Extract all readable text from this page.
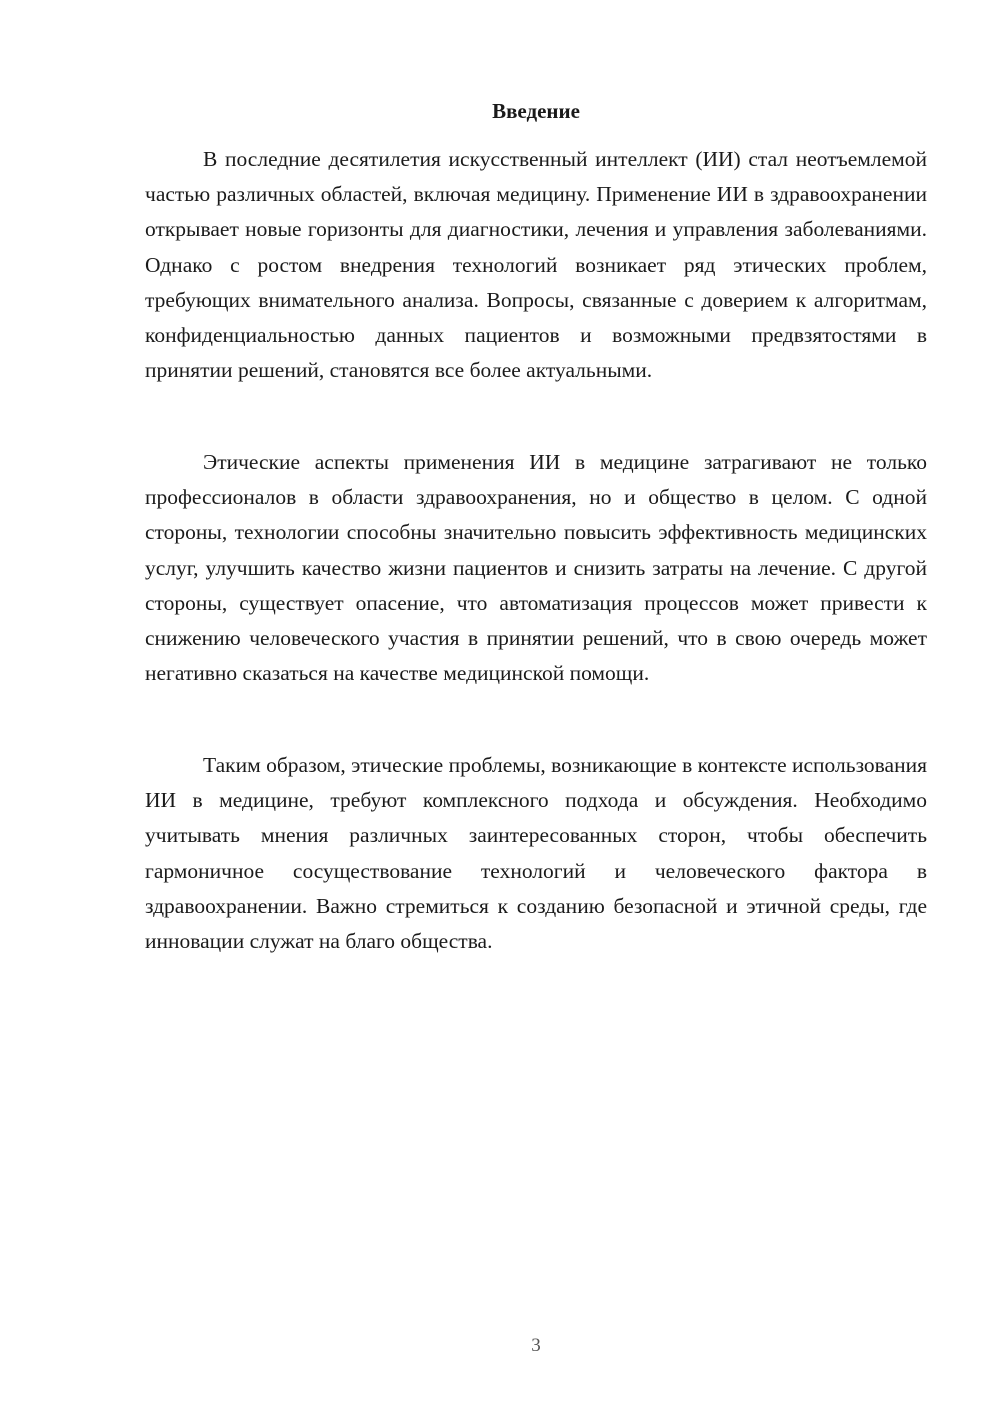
Введение

В последние десятилетия искусственный интеллект (ИИ) стал неотъемлемой частью различных областей, включая медицину. Применение ИИ в здравоохранении открывает новые горизонты для диагностики, лечения и управления заболеваниями. Однако с ростом внедрения технологий возникает ряд этических проблем, требующих внимательного анализа. Вопросы, связанные с доверием к алгоритмам, конфиденциальностью данных пациентов и возможными предвзятостями в принятии решений, становятся все более актуальными.

Этические аспекты применения ИИ в медицине затрагивают не только профессионалов в области здравоохранения, но и общество в целом. С одной стороны, технологии способны значительно повысить эффективность медицинских услуг, улучшить качество жизни пациентов и снизить затраты на лечение. С другой стороны, существует опасение, что автоматизация процессов может привести к снижению человеческого участия в принятии решений, что в свою очередь может негативно сказаться на качестве медицинской помощи.

Таким образом, этические проблемы, возникающие в контексте использования ИИ в медицине, требуют комплексного подхода и обсуждения. Необходимо учитывать мнения различных заинтересованных сторон, чтобы обеспечить гармоничное сосуществование технологий и человеческого фактора в здравоохранении. Важно стремиться к созданию безопасной и этичной среды, где инновации служат на благо общества.

3
